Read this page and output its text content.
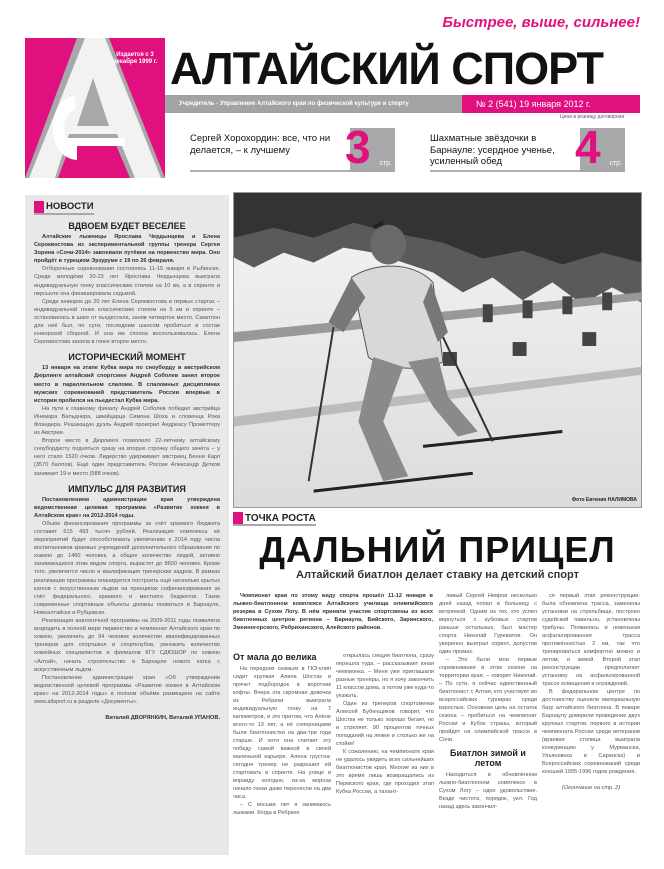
Быстрее, выше, сильнее!
Издается с 3 декабря 1999 г. АЛТАЙСКИЙ СПОРТ
Учредитель - Управление Алтайского края по физической культуре и спорту	№ 2 (541) 19 января 2012 г.
Цена в розницу договорная
Сергей Хорохордин: все, что ни делается, – к лучшему	3 стр.
Шахматные звёздочки в Барнауле: усердное ученье, усиленный обед	4 стр.
НОВОСТИ
ВДВОЕМ БУДЕТ ВЕСЕЛЕЕ

Алтайские лыжницы Ярослава Чердынцева и Елена Сероквостова из экспериментальной группы тренера Сергея Зорина «Сочи-2014» завоевали путёвки на первенство мира. Оно пройдёт в турецком Эрзуруме с 19 по 26 февраля.

Отборочные соревнования состоялись 11-15 января в Рыбинске. Среди молодёжи 20-23 лет Ярослава Чердынцева выиграла индивидуальную гонку классическим стилем на 10 км, а в спринте и персьюте она финишировала седьмой.

Среди юниорок до 20 лет Елена Сероквостова в первых стартах – индивидуальной гонке классическим стилем на 5 км и спринте – остановилась в шаге от пьедестала, заняв четвертое место. Скиатлон для неё был, по сути, последним шансом пробиться в состав юниорской сборной. И она им сполна воспользовалась. Елена Сероквостова заняла в гонке второе место.

ИСТОРИЧЕСКИЙ МОМЕНТ

13 января на этапе Кубка мира по сноуборду в австрийском Дюрлинге алтайский спортсмен Андрей Соболев занял второе место в параллельном слаломе. В слаломных дисциплинах мужских соревнований представитель России впервые в истории пробился на пьедестал Кубка мира.

На пути к главному финалу Андрей Соболев победил австрийца Инемара Вальднера, швейцарца Симона Шоха и словенца Рока Фландера. Решающую дуэль Андрей проиграл Андреасу Прометтеру из Австрии.

Второе место в Дюрлинге позволило 22-летнему алтайскому сноубордисту подняться сразу на вторую строчку общего зачёта – у него стало 1520 очков. Лидерство удерживает австриец Бенни Карл (3570 баллов). Ещё один представитель России Александр Детков занимает 19-е место (588 очков).

ИМПУЛЬС ДЛЯ РАЗВИТИЯ

Постановлением администрации края утверждена ведомственная целевая программа «Развитие хоккея в Алтайском крае» на 2012-2014 годы.

Объём финансирования программы за счёт краевого бюджета составит 615 493 тысяч рублей. Реализация комплекса её мероприятий будет способствовать увеличению к 2014 году числа воспитанников краевых учреждений дополнительного образования по хоккею до 1460 человек, а общее количество людей, активно занимающихся этим видом спорта, вырастет до 8600 человек. Кроме того, увеличится число и квалификация тренерских кадров. В рамках реализации программы планируется построить ещё несколько крытых катков с искусственным льдом на принципах софинансирования за счёт федерального, краевого и местного бюджетов. Такие современные спортивные объекты должны появиться в Барнауле, Новоалтайске и Рубцовске.

Реализация аналогичной программы на 2009-2011 годы позволила возродить в полной мере первенство и чемпионат Алтайского края по хоккею, увеличить до 94 человек количество квалифицированных тренеров для спортшкол и спортклубов, умножить количество хоккейных специалистов и филиалов КГУ СДЮШОР по хоккею «Алтай», начать строительство в Барнауле нового катка с искусственным льдом.

Постановление администрации края «Об утверждении ведомственной целевой программы «Развитие хоккея в Алтайском крае» на 2012-2014 годы» в полном объёме размещено на сайте www.altsport.ru в разделе «Документы».

Виталий ДВОРЯНКИН, Виталий УПАНОВ.
Фото Евгения НАЛИМОВА
ТОЧКА РОСТА
ДАЛЬНИЙ ПРИЦЕЛ
Алтайский биатлон делает ставку на детский спорт
Чемпионат края по этому виду спорта прошёл 11-12 января в лыжно-биатлонном комплексе Алтайского училища олимпийского резерва в Сухом Логу. В нём приняли участие спортсмены из всех биатлонных центров региона – Барнаула, Бийского, Заринского, Змеиногорского, Ребрихинского, Алейского районов.
От мала до велика

На передних скамьях в ГКЗ-клип сидит хрупкая Алина Шостак и прячет подбородок в воротник кофты. Вчера эта скромная девочка из Ребрихи выиграла индивидуальную гонку на 7 километров, и это притом, что Алёне всего-то 13 лет, а её соперницами были биатлонистки на два-три года старше. И хотя она считает эту победу самой важной в своей маленькой карьере, Алена грустна: сегодня тренер не разрешил ей стартовать в спринте. На улице и вправду холодно, из-за мороза начало гонки даже перенесли на два часа.

– С восьми лет я занимаюсь лыжами. Когда в Ребрихе

открылась секция биатлона, сразу перешла туда, – рассказывает юная чемпионка. – Меня уже приглашали разные тренеры, но я хочу закончить 11 классов дома, а потом уже куда-то уезжать.

Один из тренеров спортсменки Алексей Бубенщиков говорит, что Шостак не только хорошо бегает, но и стреляет. 90 процентов точных попаданий на лежке и столько же на стойке!

К сожалению, на чемпионате края не удалось увидеть всех сильнейших биатлонистов края. Многие из них в это время лишь возвращались из Пермского края, где проходил этап Кубка России, а талант-

ливый Сергей Невров несколько дней назад попал в больницу с ветрянкой. Одним из тех, кто успел вернуться с кубковых стартов раньше остальных, был мастер спорта Николай Гуреватов. Он уверенно выиграл спринт, допустив один промах.

– Это были мои первые соревнования в этом сезоне на территории края, – говорит Николай. – По сути, я сейчас единственный биатлонист с Алтая, кто участвует во всероссийских турнирах среди взрослых. Основная цель на остаток сезона – пробиться на чемпионат России и Кубок страны, который пройдет на олимпийской трассе в Сочи.

Биатлон зимой и летом

Находиться в обновлённом лыжно-биатлонном комплексе в Сухом Логу – одно удовольствие. Везде чистота, порядок, уют. Год назад здесь закончил-

ся первый этап реконструкции: была обновлена трасса, заменены установки на стрельбище, построен судейский павильон, установлены трибуны. Появилась и новенькая асфальтированная трасса протяжённостью 2 км, так что тренироваться комфортно можно и летом, и зимой. Второй этап реконструкции предполагает установку на асфальтированной трассе освещения и ограждений.

В федеральном центре по достоинству оценили материальную базу алтайского биатлона. В январе Барнаулу доверили проведение двух крупных стартов: первого в истории чемпионата России среди ветеранов (краевая столица выиграла конкуренцию у Мурманска, Ульяновска и Саранска) и Всероссийских соревнований среди юношей 1995-1996 годов рождения.

(Окончание на стр. 2)
